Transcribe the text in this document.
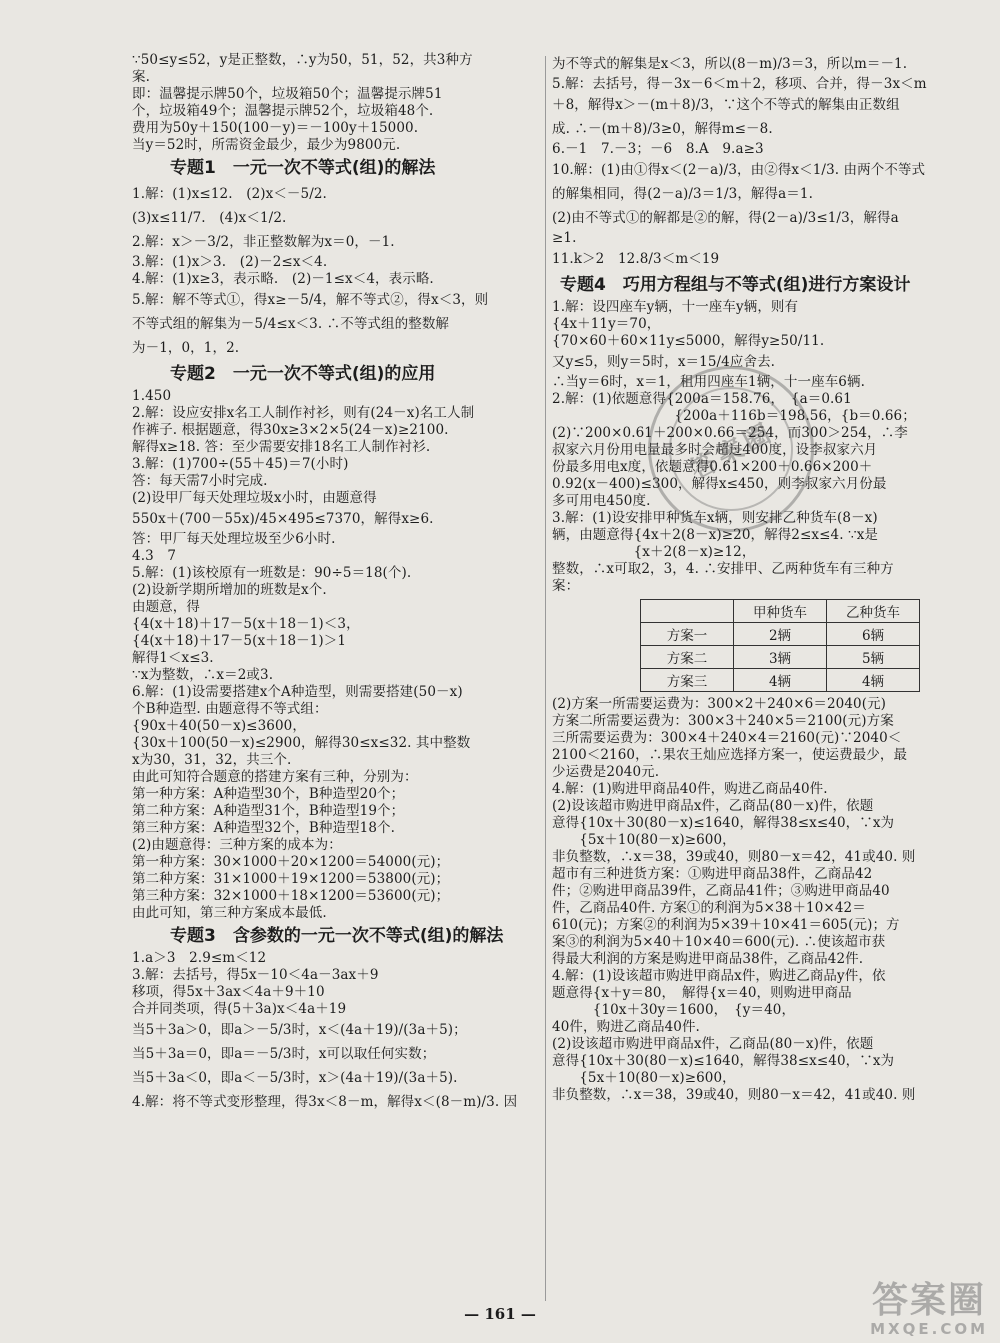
∵50≤y≤52，y是正整数，∴y为50，51，52，共3种方
案.
即：温馨提示牌50个，垃圾箱50个；温馨提示牌51
个，垃圾箱49个；温馨提示牌52个，垃圾箱48个.
费用为50y＋150(100－y)＝－100y＋15000.
当y＝52时，所需资金最少，最少为9800元.
专题1　一元一次不等式(组)的解法
1.解：(1)x≤12.　(2)x＜－5/2.
(3)x≤11/7.　(4)x＜1/2.
2.解：x＞－3/2，非正整数解为x＝0，－1.
3.解：(1)x＞3.　(2)－2≤x＜4.
4.解：(1)x≥3，表示略.　(2)－1≤x＜4，表示略.
5.解：解不等式①，得x≥－5/4，解不等式②，得x＜3，则
不等式组的解集为－5/4≤x＜3. ∴不等式组的整数解
为－1，0，1，2.
专题2　一元一次不等式(组)的应用
1.450
2.解：设应安排x名工人制作衬衫，则有(24－x)名工人制
作裤子. 根据题意，得30x≥3×2×5(24－x)≥2100.
解得x≥18. 答：至少需要安排18名工人制作衬衫.
3.解：(1)700÷(55＋45)＝7(小时)
答：每天需7小时完成.
(2)设甲厂每天处理垃圾x小时，由题意得
550x＋(700－55x)/45×495≤7370，解得x≥6.
答：甲厂每天处理垃圾至少6小时.
4.3　7
5.解：(1)该校原有一班数是：90÷5＝18(个).
(2)设新学期所增加的班数是x个.
由题意，得
{4(x＋18)＋17－5(x＋18－1)＜3，
{4(x＋18)＋17－5(x＋18－1)＞1
解得1＜x≤3.
∵x为整数，∴x＝2或3.
6.解：(1)设需要搭建x个A种造型，则需要搭建(50－x)
个B种造型. 由题意得不等式组：
{90x＋40(50－x)≤3600，
{30x＋100(50－x)≤2900，解得30≤x≤32. 其中整数
x为30，31，32，共三个.
由此可知符合题意的搭建方案有三种，分别为：
第一种方案：A种造型30个，B种造型20个；
第二种方案：A种造型31个，B种造型19个；
第三种方案：A种造型32个，B种造型18个.
(2)由题意得：三种方案的成本为：
第一种方案：30×1000＋20×1200＝54000(元)；
第二种方案：31×1000＋19×1200＝53800(元)；
第三种方案：32×1000＋18×1200＝53600(元)；
由此可知，第三种方案成本最低.
专题3　含参数的一元一次不等式(组)的解法
1.a＞3　2.9≤m＜12
3.解：去括号，得5x－10＜4a－3ax＋9
移项，得5x＋3ax＜4a＋9＋10
合并同类项，得(5＋3a)x＜4a＋19
当5＋3a＞0，即a＞－5/3时，x＜(4a＋19)/(3a＋5)；
当5＋3a＝0，即a＝－5/3时，x可以取任何实数；
当5＋3a＜0，即a＜－5/3时，x＞(4a＋19)/(3a＋5).
4.解：将不等式变形整理，得3x＜8－m，解得x＜(8－m)/3. 因
为不等式的解集是x＜3，所以(8－m)/3＝3，所以m＝－1.
5.解：去括号，得－3x－6＜m＋2，移项、合并，得－3x＜m
＋8，解得x＞－(m＋8)/3，∵这个不等式的解集由正数组
成. ∴－(m＋8)/3≥0，解得m≤－8.
6.－1　7.－3；－6　8.A　9.a≥3
10.解：(1)由①得x＜(2－a)/3，由②得x＜1/3. 由两个不等式
的解集相同，得(2－a)/3＝1/3，解得a＝1.
(2)由不等式①的解都是②的解，得(2－a)/3≤1/3，解得a
≥1.
11.k＞2　12.8/3＜m＜19
专题4　巧用方程组与不等式(组)进行方案设计
1.解：设四座车y辆，十一座车y辆，则有
{4x＋11y＝70，
{70×60＋60×11y≤5000，解得y≥50/11.
又y≤5，则y＝5时，x＝15/4应舍去.
∴当y＝6时，x＝1，租用四座车1辆，十一座车6辆.
2.解：(1)依题意得{200a＝158.76，　{a＝0.61
　　　　　　　　　{200a＋116b＝198.56，{b＝0.66；
(2)∵200×0.61＋200×0.66＝254，而300＞254，∴李
叔家六月份用电量最多时会超过400度，设李叔家六月
份最多用电x度，依题意得0.61×200＋0.66×200＋
0.92(x－400)≤300，解得x≤450，则李叔家六月份最
多可用电450度.
3.解：(1)设安排甲种货车x辆，则安排乙种货车(8－x)
辆，由题意得{4x＋2(8－x)≥20，解得2≤x≤4. ∵x是
　　　　　　{x＋2(8－x)≥12，
整数，∴x可取2，3，4. ∴安排甲、乙两种货车有三种方
案：
	甲种货车	乙种货车
方案一	2辆	6辆
方案二	3辆	5辆
方案三	4辆	4辆
(2)方案一所需要运费为：300×2＋240×6＝2040(元)
方案二所需要运费为：300×3＋240×5＝2100(元)方案
三所需要运费为：300×4＋240×4＝2160(元)∵2040＜
2100＜2160，∴果农王灿应选择方案一，使运费最少，最
少运费是2040元.
4.解：(1)购进甲商品40件，购进乙商品40件.
(2)设该超市购进甲商品x件，乙商品(80－x)件，依题
意得{10x＋30(80－x)≤1640，解得38≤x≤40，∵x为
　　{5x＋10(80－x)≥600，
非负整数，∴x＝38，39或40，则80－x＝42，41或40. 则
超市有三种进货方案：①购进甲商品38件，乙商品42
件；②购进甲商品39件，乙商品41件；③购进甲商品40
件，乙商品40件. 方案①的利润为5×38＋10×42＝
610(元)；方案②的利润为5×39＋10×41＝605(元)；方
案③的利润为5×40＋10×40＝600(元). ∴使该超市获
得最大利润的方案是购进甲商品38件，乙商品42件.
4.解：(1)设该超市购进甲商品x件，购进乙商品y件，依
题意得{x＋y＝80，　解得{x＝40，则购进甲商品
　　　{10x＋30y＝1600，　{y＝40，
40件，购进乙商品40件.
(2)设该超市购进甲商品x件，乙商品(80－x)件，依题
意得{10x＋30(80－x)≤1640，解得38≤x≤40，∵x为
　　{5x＋10(80－x)≥600，
非负整数，∴x＝38，39或40，则80－x＝42，41或40. 则
答案圈
— 161 —	答案圈
MXQE.COM
